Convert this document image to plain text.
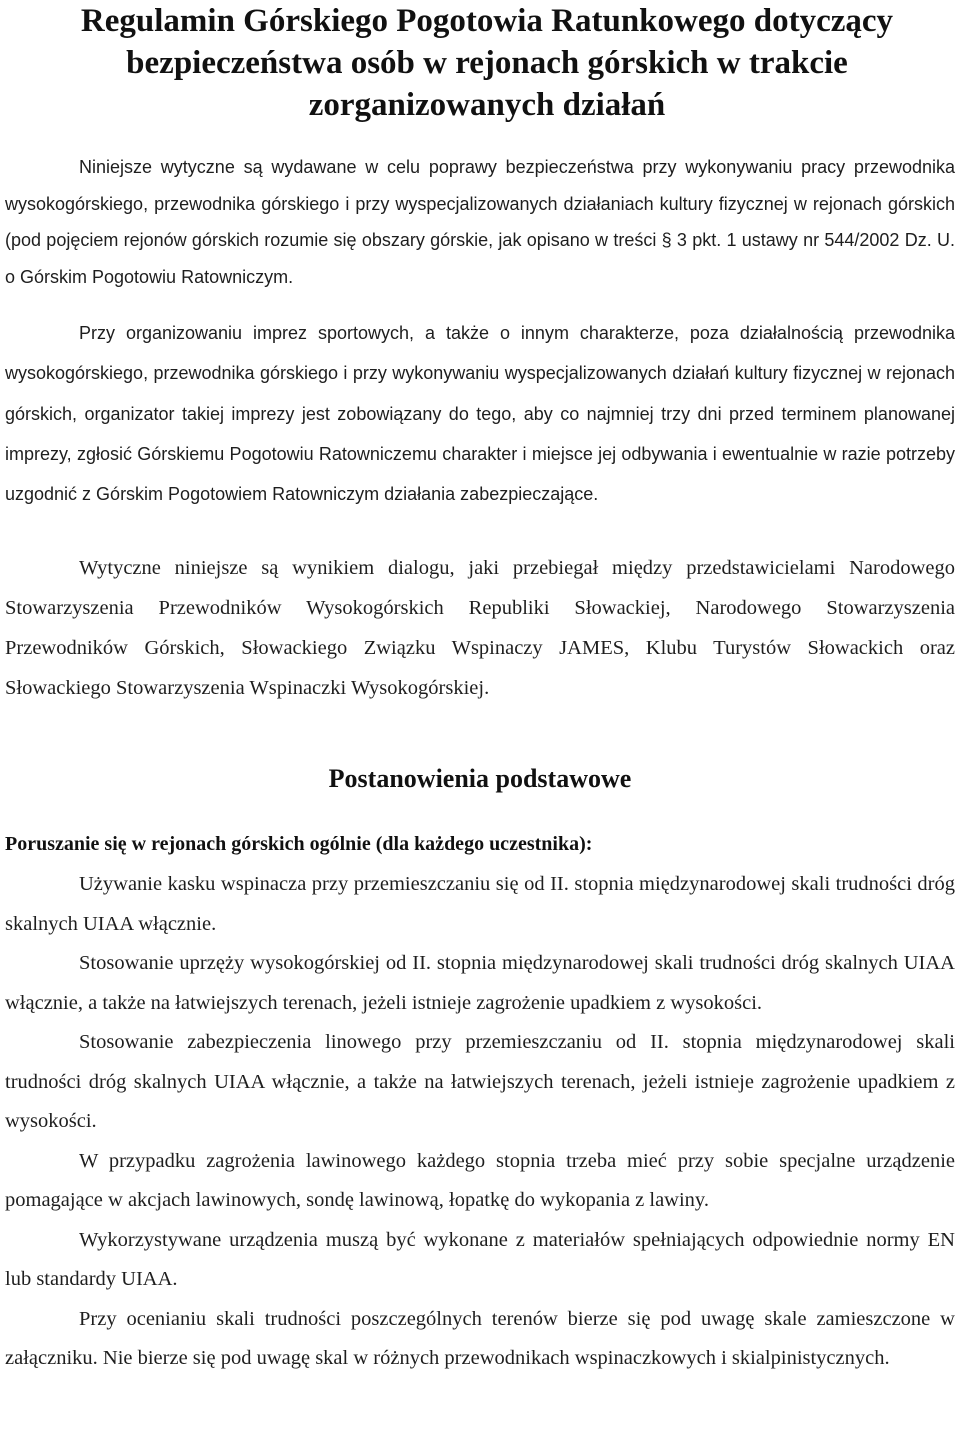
Regulamin Górskiego Pogotowia Ratunkowego dotyczący bezpieczeństwa osób w rejonach górskich w trakcie zorganizowanych działań

Niniejsze wytyczne są wydawane w celu poprawy bezpieczeństwa przy wykonywaniu pracy przewodnika wysokogórskiego, przewodnika górskiego i przy wyspecjalizowanych działaniach kultury fizycznej w rejonach górskich (pod pojęciem rejonów górskich rozumie się obszary górskie, jak opisano w treści § 3 pkt. 1 ustawy nr 544/2002 Dz. U. o Górskim Pogotowiu Ratowniczym.

Przy organizowaniu imprez sportowych, a także o innym charakterze, poza działalnością przewodnika wysokogórskiego, przewodnika górskiego i przy wykonywaniu wyspecjalizowanych działań kultury fizycznej w rejonach górskich, organizator takiej imprezy jest zobowiązany do tego, aby co najmniej trzy dni przed terminem planowanej imprezy, zgłosić Górskiemu Pogotowiu Ratowniczemu charakter i miejsce jej odbywania i ewentualnie w razie potrzeby uzgodnić z Górskim Pogotowiem Ratowniczym działania zabezpieczające.

Wytyczne niniejsze są wynikiem dialogu, jaki przebiegał między przedstawicielami Narodowego Stowarzyszenia Przewodników Wysokogórskich Republiki Słowackiej, Narodowego Stowarzyszenia Przewodników Górskich, Słowackiego Związku Wspinaczy JAMES, Klubu Turystów Słowackich oraz Słowackiego Stowarzyszenia Wspinaczki Wysokogórskiej.

Postanowienia podstawowe
Poruszanie się w rejonach górskich ogólnie (dla każdego uczestnika):
Używanie kasku wspinacza przy przemieszczaniu się od II. stopnia międzynarodowej skali trudności dróg skalnych UIAA włącznie.
Stosowanie uprzęży wysokogórskiej od II. stopnia międzynarodowej skali trudności dróg skalnych UIAA włącznie, a także na łatwiejszych terenach, jeżeli istnieje zagrożenie upadkiem z wysokości.
Stosowanie zabezpieczenia linowego przy przemieszczaniu od II. stopnia międzynarodowej skali trudności dróg skalnych UIAA włącznie, a także na łatwiejszych terenach, jeżeli istnieje zagrożenie upadkiem z wysokości.
W przypadku zagrożenia lawinowego każdego stopnia trzeba mieć przy sobie specjalne urządzenie pomagające w akcjach lawinowych, sondę lawinową, łopatkę do wykopania z lawiny.
Wykorzystywane urządzenia muszą być wykonane z materiałów spełniających odpowiednie normy EN lub standardy UIAA.
Przy ocenianiu skali trudności poszczególnych terenów bierze się pod uwagę skale zamieszczone w załączniku. Nie bierze się pod uwagę skal w różnych przewodnikach wspinaczkowych i skialpinistycznych.
